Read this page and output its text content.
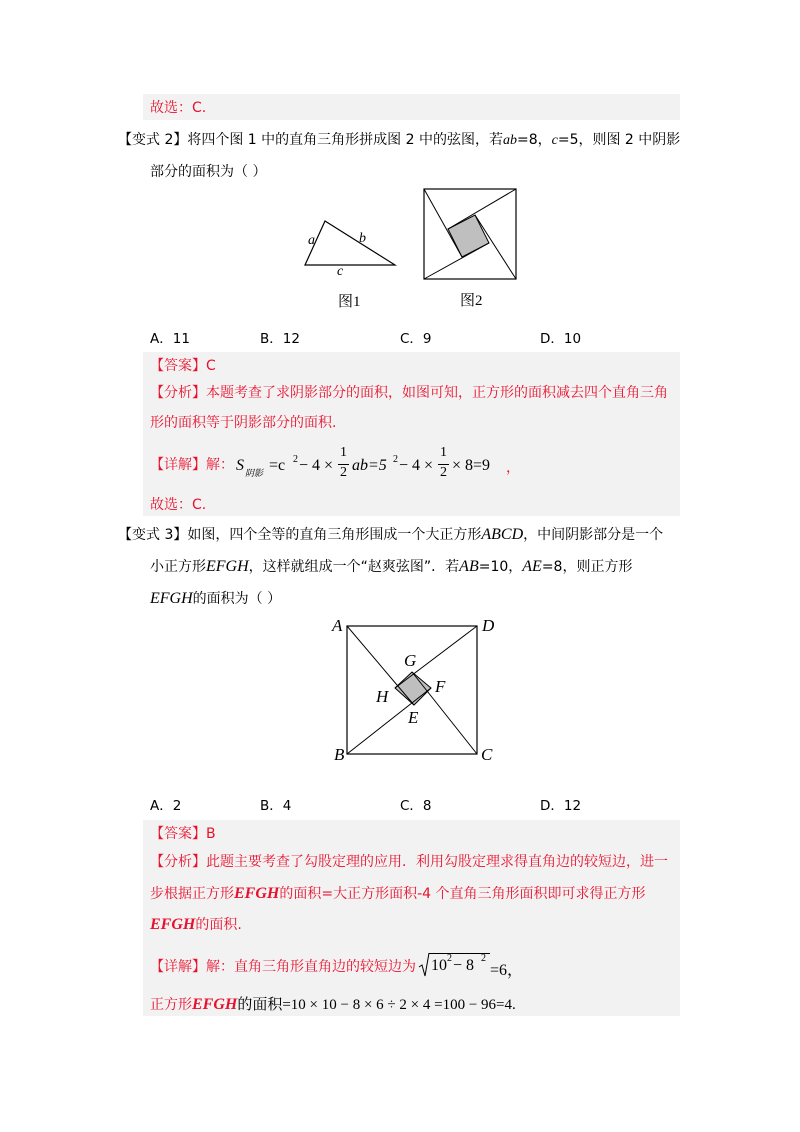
故选：C.
【变式 2】将四个图 1 中的直角三角形拼成图 2 中的弦图，若ab=8，c=5，则图 2 中阴影
部分的面积为（ ）
a	b
c
图1	图2
A．11	B．12	C．9	D．10
【答案】C
【分析】本题考查了求阴影部分的面积，如图可知，正方形的面积减去四个直角三角
形的面积等于阴影部分的面积.
【详解】解： S 阴影 =c 2 − 4 ×
1
2 ab=5 2 − 4 ×
1
2 × 8=9 ，
故选：C.
【变式 3】如图，四个全等的直角三角形围成一个大正方形ABCD，中间阴影部分是一个
小正方形EFGH，这样就组成一个“赵爽弦图”．若AB=10，AE=8，则正方形
EFGH的面积为（ ）
A	D
B	C
G
F
H
E
A．2	B．4	C．8	D．12
【答案】B
【分析】此题主要考查了勾股定理的应用．利用勾股定理求得直角边的较短边，进一
步根据正方形EFGH的面积=大正方形面积-4 个直角三角形面积即可求得正方形
EFGH的面积.
【详解】解：直角三角形直角边的较短边为 10 2 − 8 2
=6，
正方形EFGH的面积=10 × 10 − 8 × 6 ÷ 2 × 4 =100 − 96=4.
